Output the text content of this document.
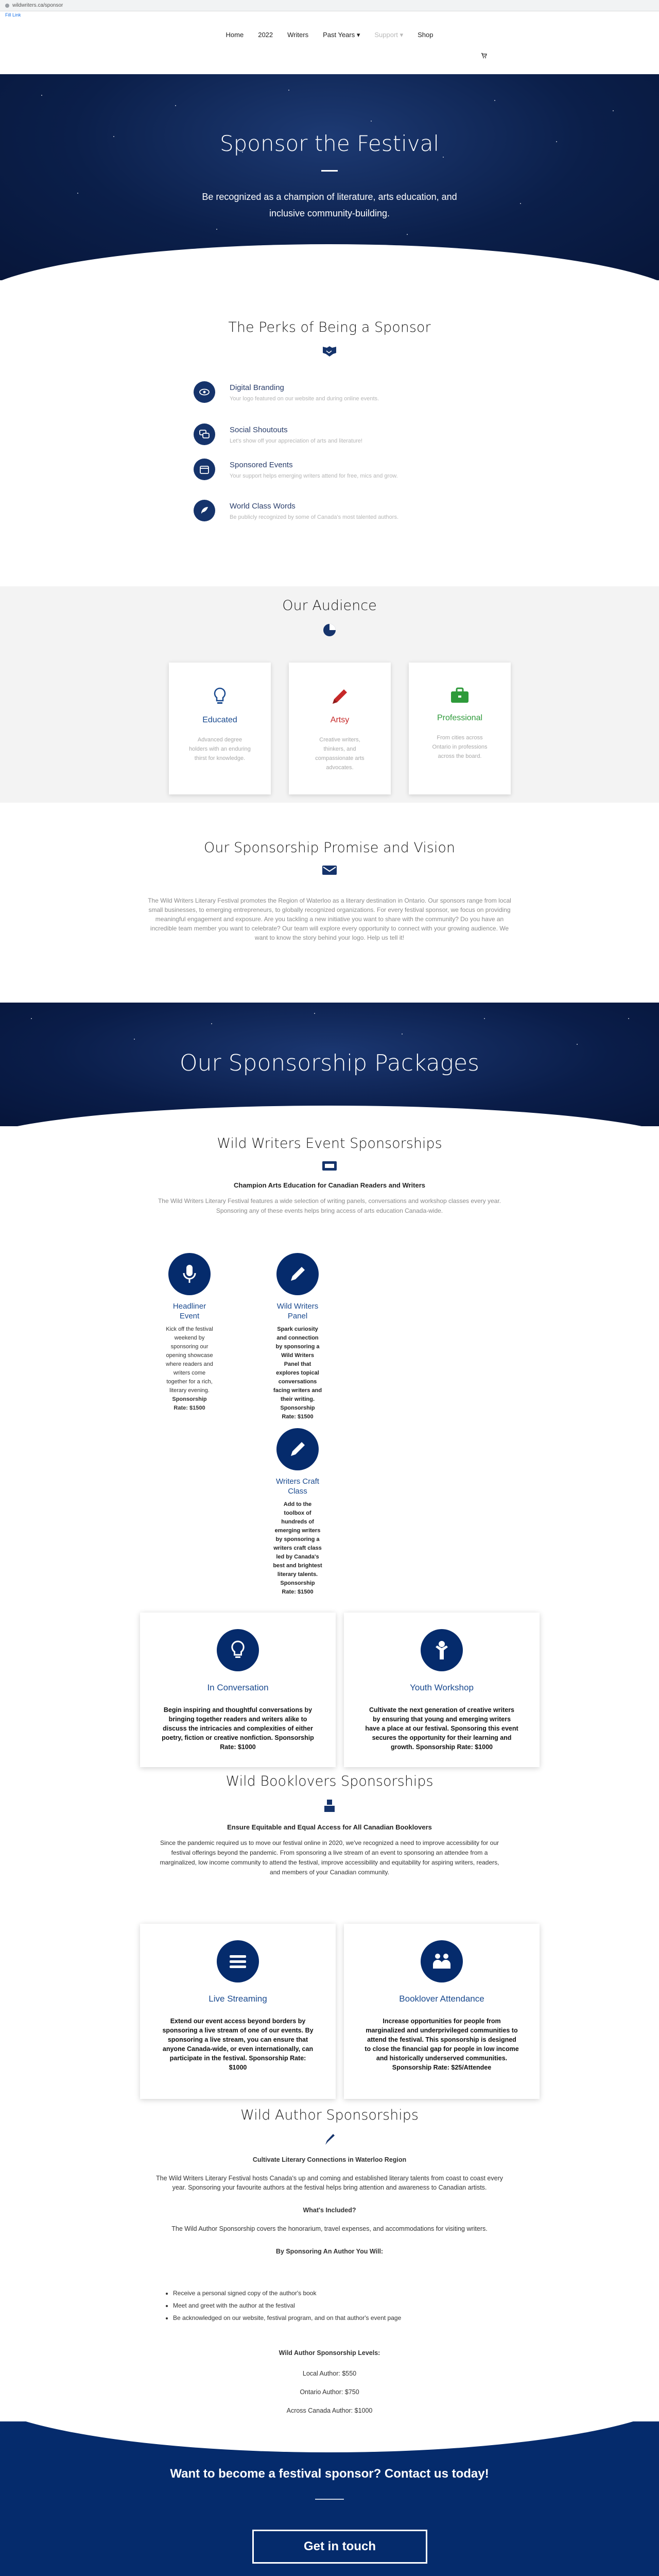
wildwriters.ca/sponsor
Fill Link
Home 2022 Writers Past Years ▾ Support ▾ Shop
Sponsor the Festival

Be recognized as a champion of literature, arts education, and inclusive community-building.

The Perks of Being a Sponsor
Digital Branding
Your logo featured on our website and during online events.
Social Shoutouts
Let's show off your appreciation of arts and literature!
Sponsored Events
Your support helps emerging writers attend for free, mics and grow.
World Class Words
Be publicly recognized by some of Canada's most talented authors.
Our Audience
Educated
Advanced degree holders with an enduring thirst for knowledge.
Artsy
Creative writers, thinkers, and compassionate arts advocates.
Professional
From cities across Ontario in professions across the board.
Our Sponsorship Promise and Vision

The Wild Writers Literary Festival promotes the Region of Waterloo as a literary destination in Ontario. Our sponsors range from local small businesses, to emerging entrepreneurs, to globally recognized organizations. For every festival sponsor, we focus on providing meaningful engagement and exposure. Are you tackling a new initiative you want to share with the community? Do you have an incredible team member you want to celebrate? Our team will explore every opportunity to connect with your growing audience. We want to know the story behind your logo. Help us tell it!

Our Sponsorship Packages
Wild Writers Event Sponsorships

Champion Arts Education for Canadian Readers and Writers

The Wild Writers Literary Festival features a wide selection of writing panels, conversations and workshop classes every year. Sponsoring any of these events helps bring access of arts education Canada-wide.

Headliner Event
Kick off the festival weekend by sponsoring our opening showcase where readers and writers come together for a rich, literary evening. Sponsorship Rate: $1500
Wild Writers Panel
Spark curiosity and connection by sponsoring a Wild Writers Panel that explores topical conversations facing writers and their writing. Sponsorship Rate: $1500
Writers Craft Class
Add to the toolbox of hundreds of emerging writers by sponsoring a writers craft class led by Canada's best and brightest literary talents. Sponsorship Rate: $1500
In Conversation
Begin inspiring and thoughtful conversations by bringing together readers and writers alike to discuss the intricacies and complexities of either poetry, fiction or creative nonfiction. Sponsorship Rate: $1000
Youth Workshop
Cultivate the next generation of creative writers by ensuring that young and emerging writers have a place at our festival. Sponsoring this event secures the opportunity for their learning and growth. Sponsorship Rate: $1000
Wild Booklovers Sponsorships

Ensure Equitable and Equal Access for All Canadian Booklovers

Since the pandemic required us to move our festival online in 2020, we've recognized a need to improve accessibility for our festival offerings beyond the pandemic. From sponsoring a live stream of an event to sponsoring an attendee from a marginalized, low income community to attend the festival, improve accessibility and equitability for aspiring writers, readers, and members of your Canadian community.

Live Streaming
Extend our event access beyond borders by sponsoring a live stream of one of our events. By sponsoring a live stream, you can ensure that anyone Canada-wide, or even internationally, can participate in the festival. Sponsorship Rate: $1000
Booklover Attendance
Increase opportunities for people from marginalized and underprivileged communities to attend the festival. This sponsorship is designed to close the financial gap for people in low income and historically underserved communities. Sponsorship Rate: $25/Attendee
Wild Author Sponsorships

Cultivate Literary Connections in Waterloo Region

The Wild Writers Literary Festival hosts Canada's up and coming and established literary talents from coast to coast every year. Sponsoring your favourite authors at the festival helps bring attention and awareness to Canadian artists.

What's Included?

The Wild Author Sponsorship covers the honorarium, travel expenses, and accommodations for visiting writers.

By Sponsoring An Author You Will:

• Receive a personal signed copy of the author's book
• Meet and greet with the author at the festival
• Be acknowledged on our website, festival program, and on that author's event page

Wild Author Sponsorship Levels:

Local Author: $550

Ontario Author: $750

Across Canada Author: $1000

Want to become a festival sponsor? Contact us today!
Get in touch
